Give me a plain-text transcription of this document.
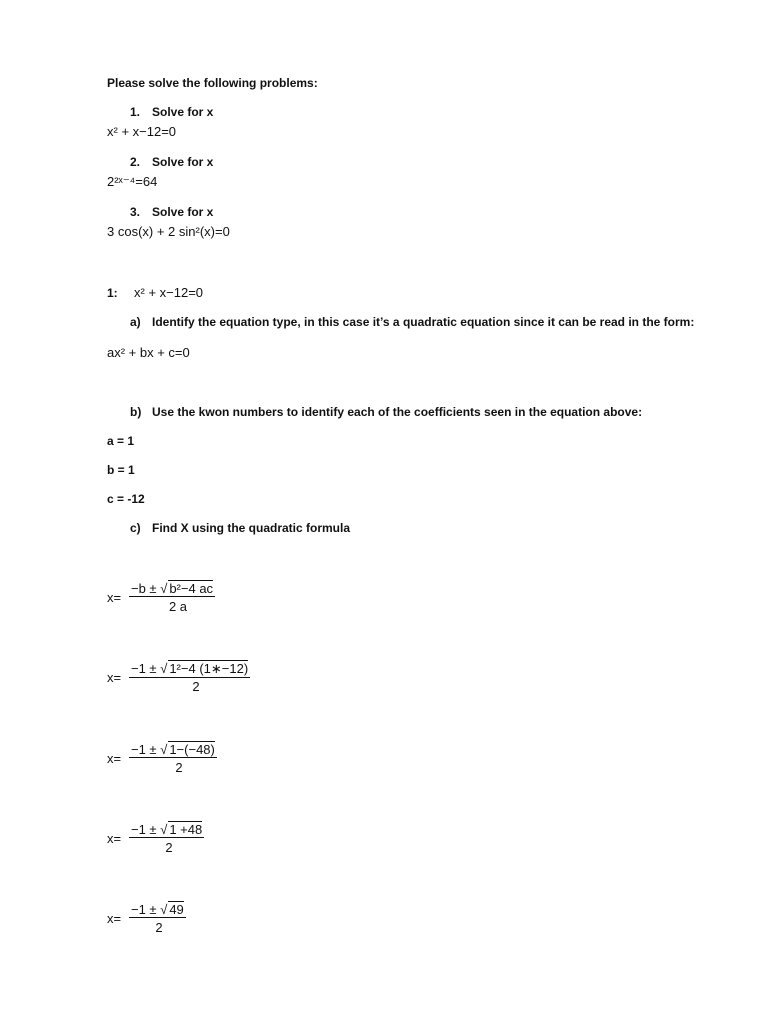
Please solve the following problems:
1. Solve for x
x² + x−12=0
2. Solve for x
2²ˣ⁻⁴=64
3. Solve for x
3 cos(x) + 2 sin²(x)=0
1: x² + x−12=0
a) Identify the equation type, in this case it’s a quadratic equation since it can be read in the form:
ax² + bx + c=0
b) Use the kwon numbers to identify each of the coefficients seen in the equation above:
a = 1
b = 1
c = -12
c) Find X using the quadratic formula
x=
−b ± √ b²−4 ac
2 a
x=
−1 ± √ 1²−4 (1∗−12)
2
x=
−1 ± √ 1−(−48)
2
x=
−1 ± √ 1 +48
2
x=
−1 ± √ 49
2
